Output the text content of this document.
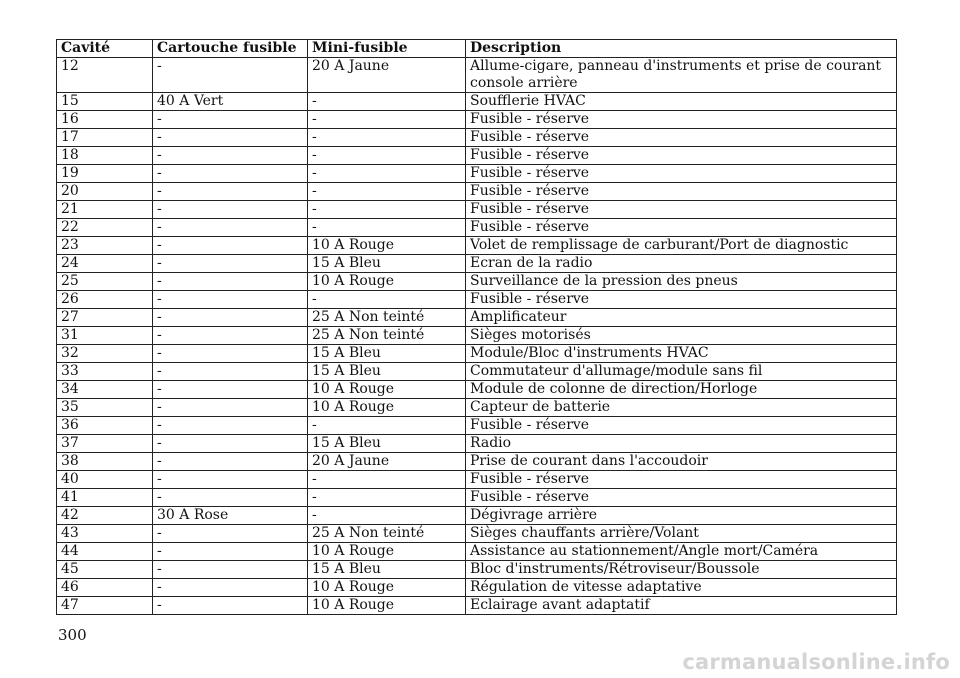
Cavité	Cartouche fusible	Mini-fusible	Description
12	-	20 A Jaune	Allume-cigare, panneau d'instruments et prise de courant console arrière
15	40 A Vert	-	Soufflerie HVAC
16	-	-	Fusible - réserve
17	-	-	Fusible - réserve
18	-	-	Fusible - réserve
19	-	-	Fusible - réserve
20	-	-	Fusible - réserve
21	-	-	Fusible - réserve
22	-	-	Fusible - réserve
23	-	10 A Rouge	Volet de remplissage de carburant/Port de diagnostic
24	-	15 A Bleu	Ecran de la radio
25	-	10 A Rouge	Surveillance de la pression des pneus
26	-	-	Fusible - réserve
27	-	25 A Non teinté	Amplificateur
31	-	25 A Non teinté	Sièges motorisés
32	-	15 A Bleu	Module/Bloc d'instruments HVAC
33	-	15 A Bleu	Commutateur d'allumage/module sans fil
34	-	10 A Rouge	Module de colonne de direction/Horloge
35	-	10 A Rouge	Capteur de batterie
36	-	-	Fusible - réserve
37	-	15 A Bleu	Radio
38	-	20 A Jaune	Prise de courant dans l'accoudoir
40	-	-	Fusible - réserve
41	-	-	Fusible - réserve
42	30 A Rose	-	Dégivrage arrière
43	-	25 A Non teinté	Sièges chauffants arrière/Volant
44	-	10 A Rouge	Assistance au stationnement/Angle mort/Caméra
45	-	15 A Bleu	Bloc d'instruments/Rétroviseur/Boussole
46	-	10 A Rouge	Régulation de vitesse adaptative
47	-	10 A Rouge	Eclairage avant adaptatif
300
carmanualsonline.info
